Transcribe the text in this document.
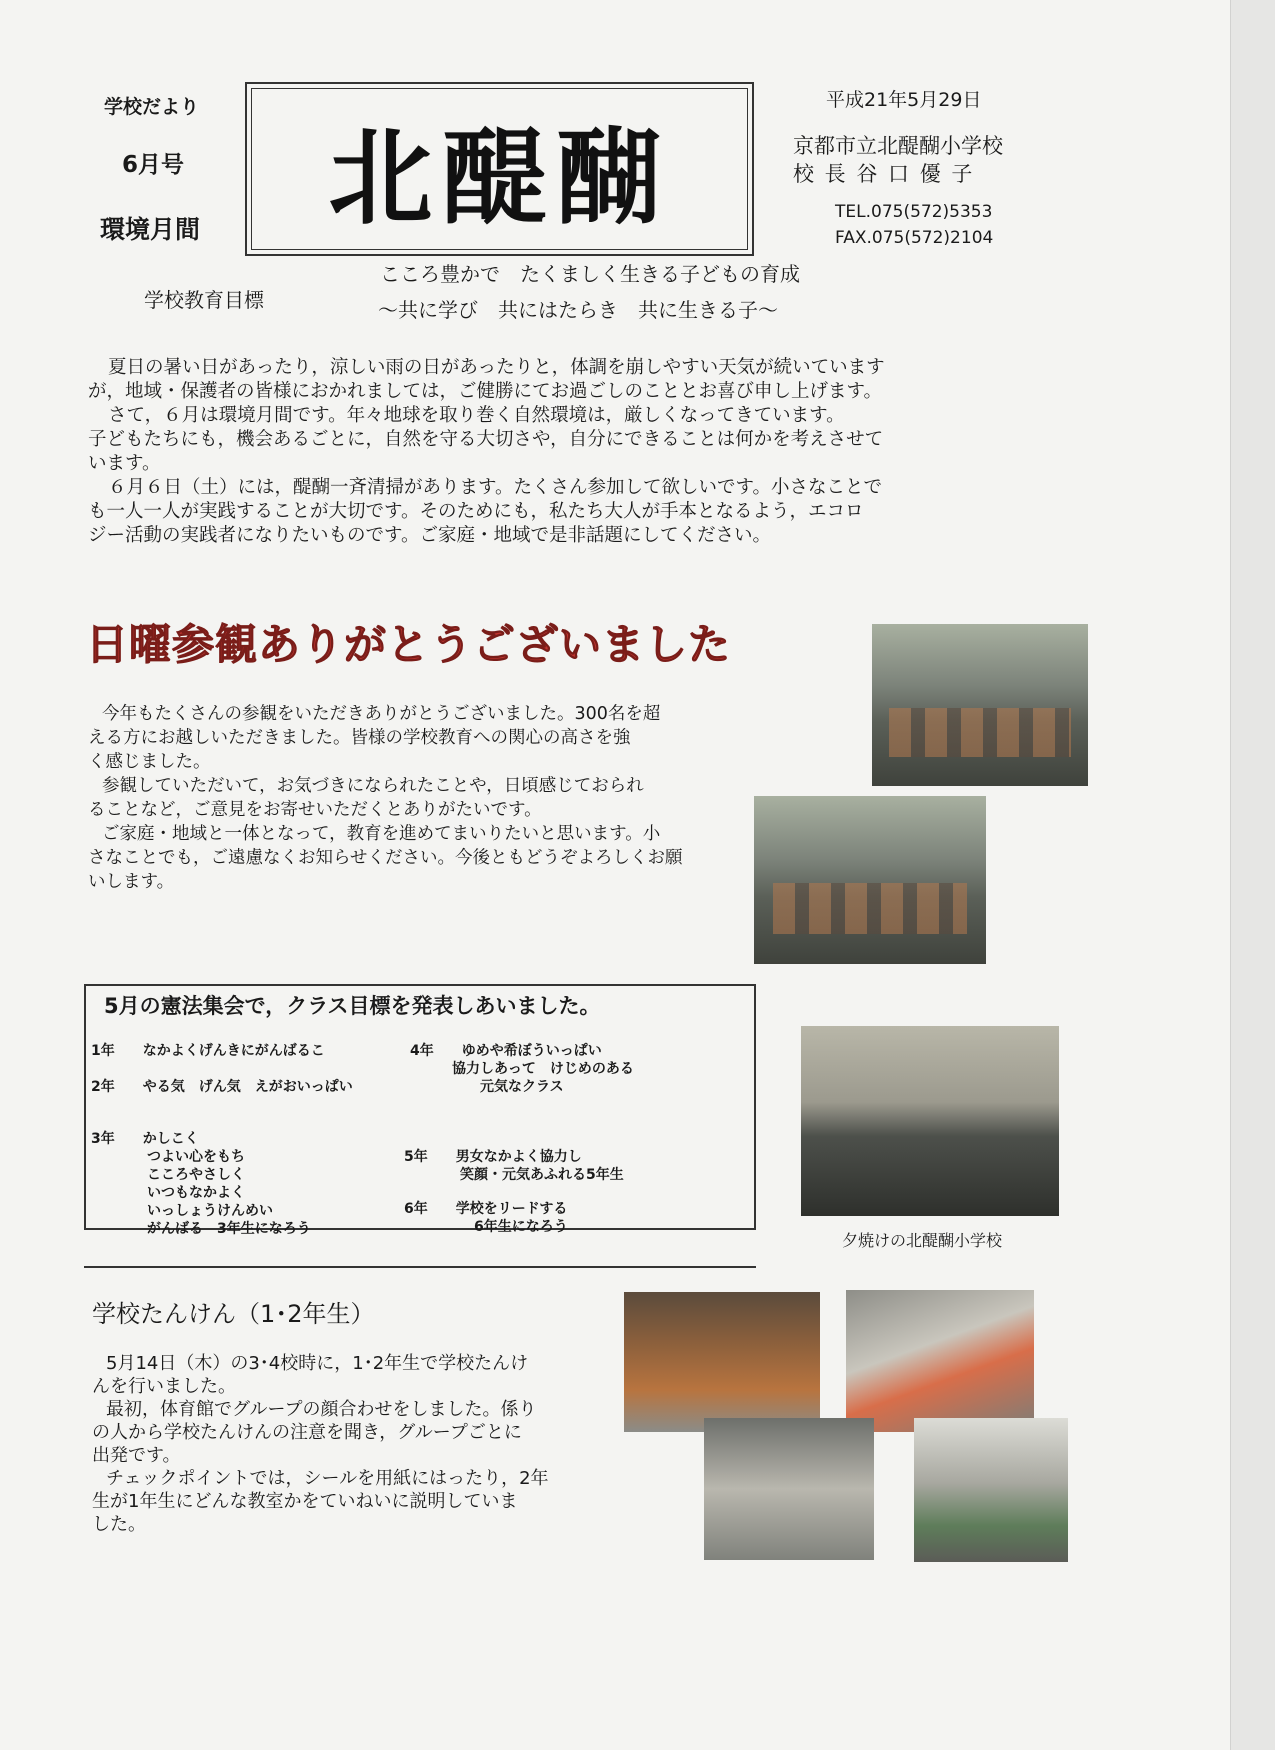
学校だより
6月号
環境月間 北醍醐
平成21年5月29日
京都市立北醍醐小学校
校 長 谷 口 優 子
TEL.075(572)5353
FAX.075(572)2104
学校教育目標
こころ豊かで　たくましく生きる子どもの育成
～共に学び　共にはたらき　共に生きる子～
夏日の暑い日があったり，涼しい雨の日があったりと，体調を崩しやすい天気が続いています
が，地域・保護者の皆様におかれましては，ご健勝にてお過ごしのこととお喜び申し上げます。
さて，６月は環境月間です。年々地球を取り巻く自然環境は，厳しくなってきています。
子どもたちにも，機会あるごとに，自然を守る大切さや，自分にできることは何かを考えさせて
います。
６月６日（土）には，醍醐一斉清掃があります。たくさん参加して欲しいです。小さなことで
も一人一人が実践することが大切です。そのためにも，私たち大人が手本となるよう，エコロ
ジー活動の実践者になりたいものです。ご家庭・地域で是非話題にしてください。
日曜参観ありがとうございました
今年もたくさんの参観をいただきありがとうございました。300名を超
える方にお越しいただきました。皆様の学校教育への関心の高さを強
く感じました。
参観していただいて，お気づきになられたことや，日頃感じておられ
ることなど，ご意見をお寄せいただくとありがたいです。
ご家庭・地域と一体となって，教育を進めてまいりたいと思います。小
さなことでも，ご遠慮なくお知らせください。今後ともどうぞよろしくお願
いします。
5月の憲法集会で，クラス目標を発表しあいました。
1年　　なかよくげんきにがんばるこ
2年　　やる気　げん気　えがおいっぱい
3年　　かしこく
　　　　つよい心をもち
　　　　こころやさしく
　　　　いつもなかよく
　　　　いっしょうけんめい
　　　　がんばる　3年生になろう
4年　　ゆめや希ぼういっぱい
　　　協力しあって　けじめのある
　　　　　元気なクラス
5年　　男女なかよく協力し
　　　　笑顔・元気あふれる5年生
6年　　学校をリードする
　　　　　6年生になろう
夕焼けの北醍醐小学校
学校たんけん（1･2年生）
5月14日（木）の3･4校時に，1･2年生で学校たんけ
んを行いました。
最初，体育館でグループの顔合わせをしました。係り
の人から学校たんけんの注意を聞き，グループごとに
出発です。
チェックポイントでは，シールを用紙にはったり，2年
生が1年生にどんな教室かをていねいに説明していま
した。
